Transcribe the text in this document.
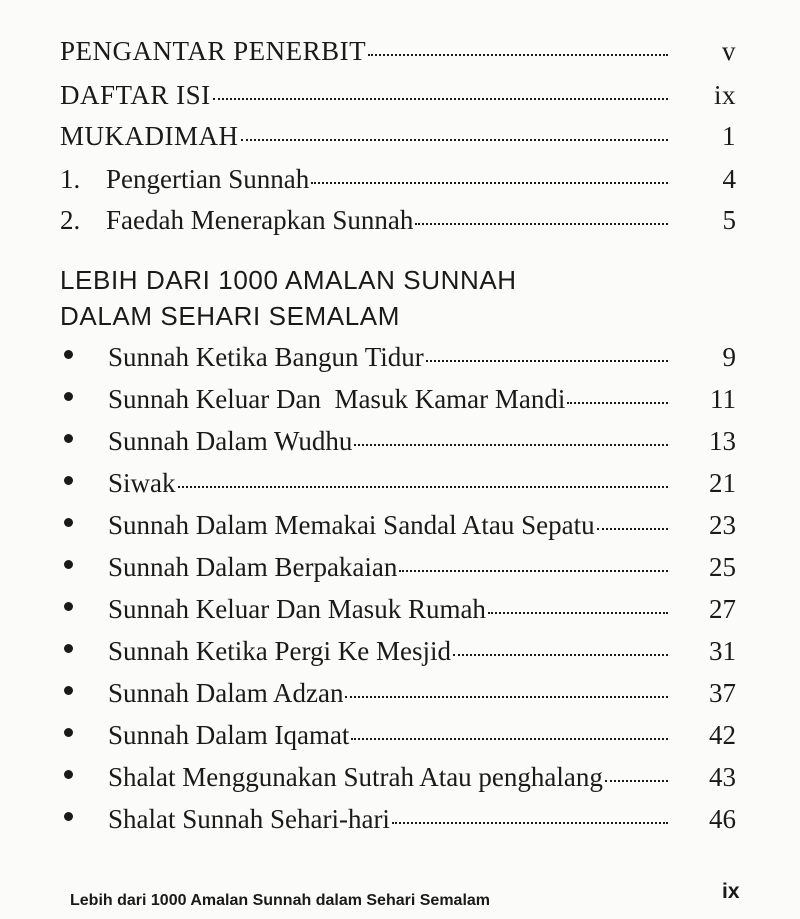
PENGANTAR PENERBIT	v
DAFTAR ISI	ix
MUKADIMAH	1
1. Pengertian Sunnah	4
2. Faedah Menerapkan Sunnah	5
LEBIH DARI 1000 AMALAN SUNNAH
DALAM SEHARI SEMALAM
Sunnah Ketika Bangun Tidur	9
Sunnah Keluar Dan  Masuk Kamar Mandi	11
Sunnah Dalam Wudhu	13
Siwak	21
Sunnah Dalam Memakai Sandal Atau Sepatu	23
Sunnah Dalam Berpakaian	25
Sunnah Keluar Dan Masuk Rumah	27
Sunnah Ketika Pergi Ke Mesjid	31
Sunnah Dalam Adzan	37
Sunnah Dalam Iqamat	42
Shalat Menggunakan Sutrah Atau penghalang	43
Shalat Sunnah Sehari-hari	46
Lebih dari 1000 Amalan Sunnah dalam Sehari Semalam	ix
